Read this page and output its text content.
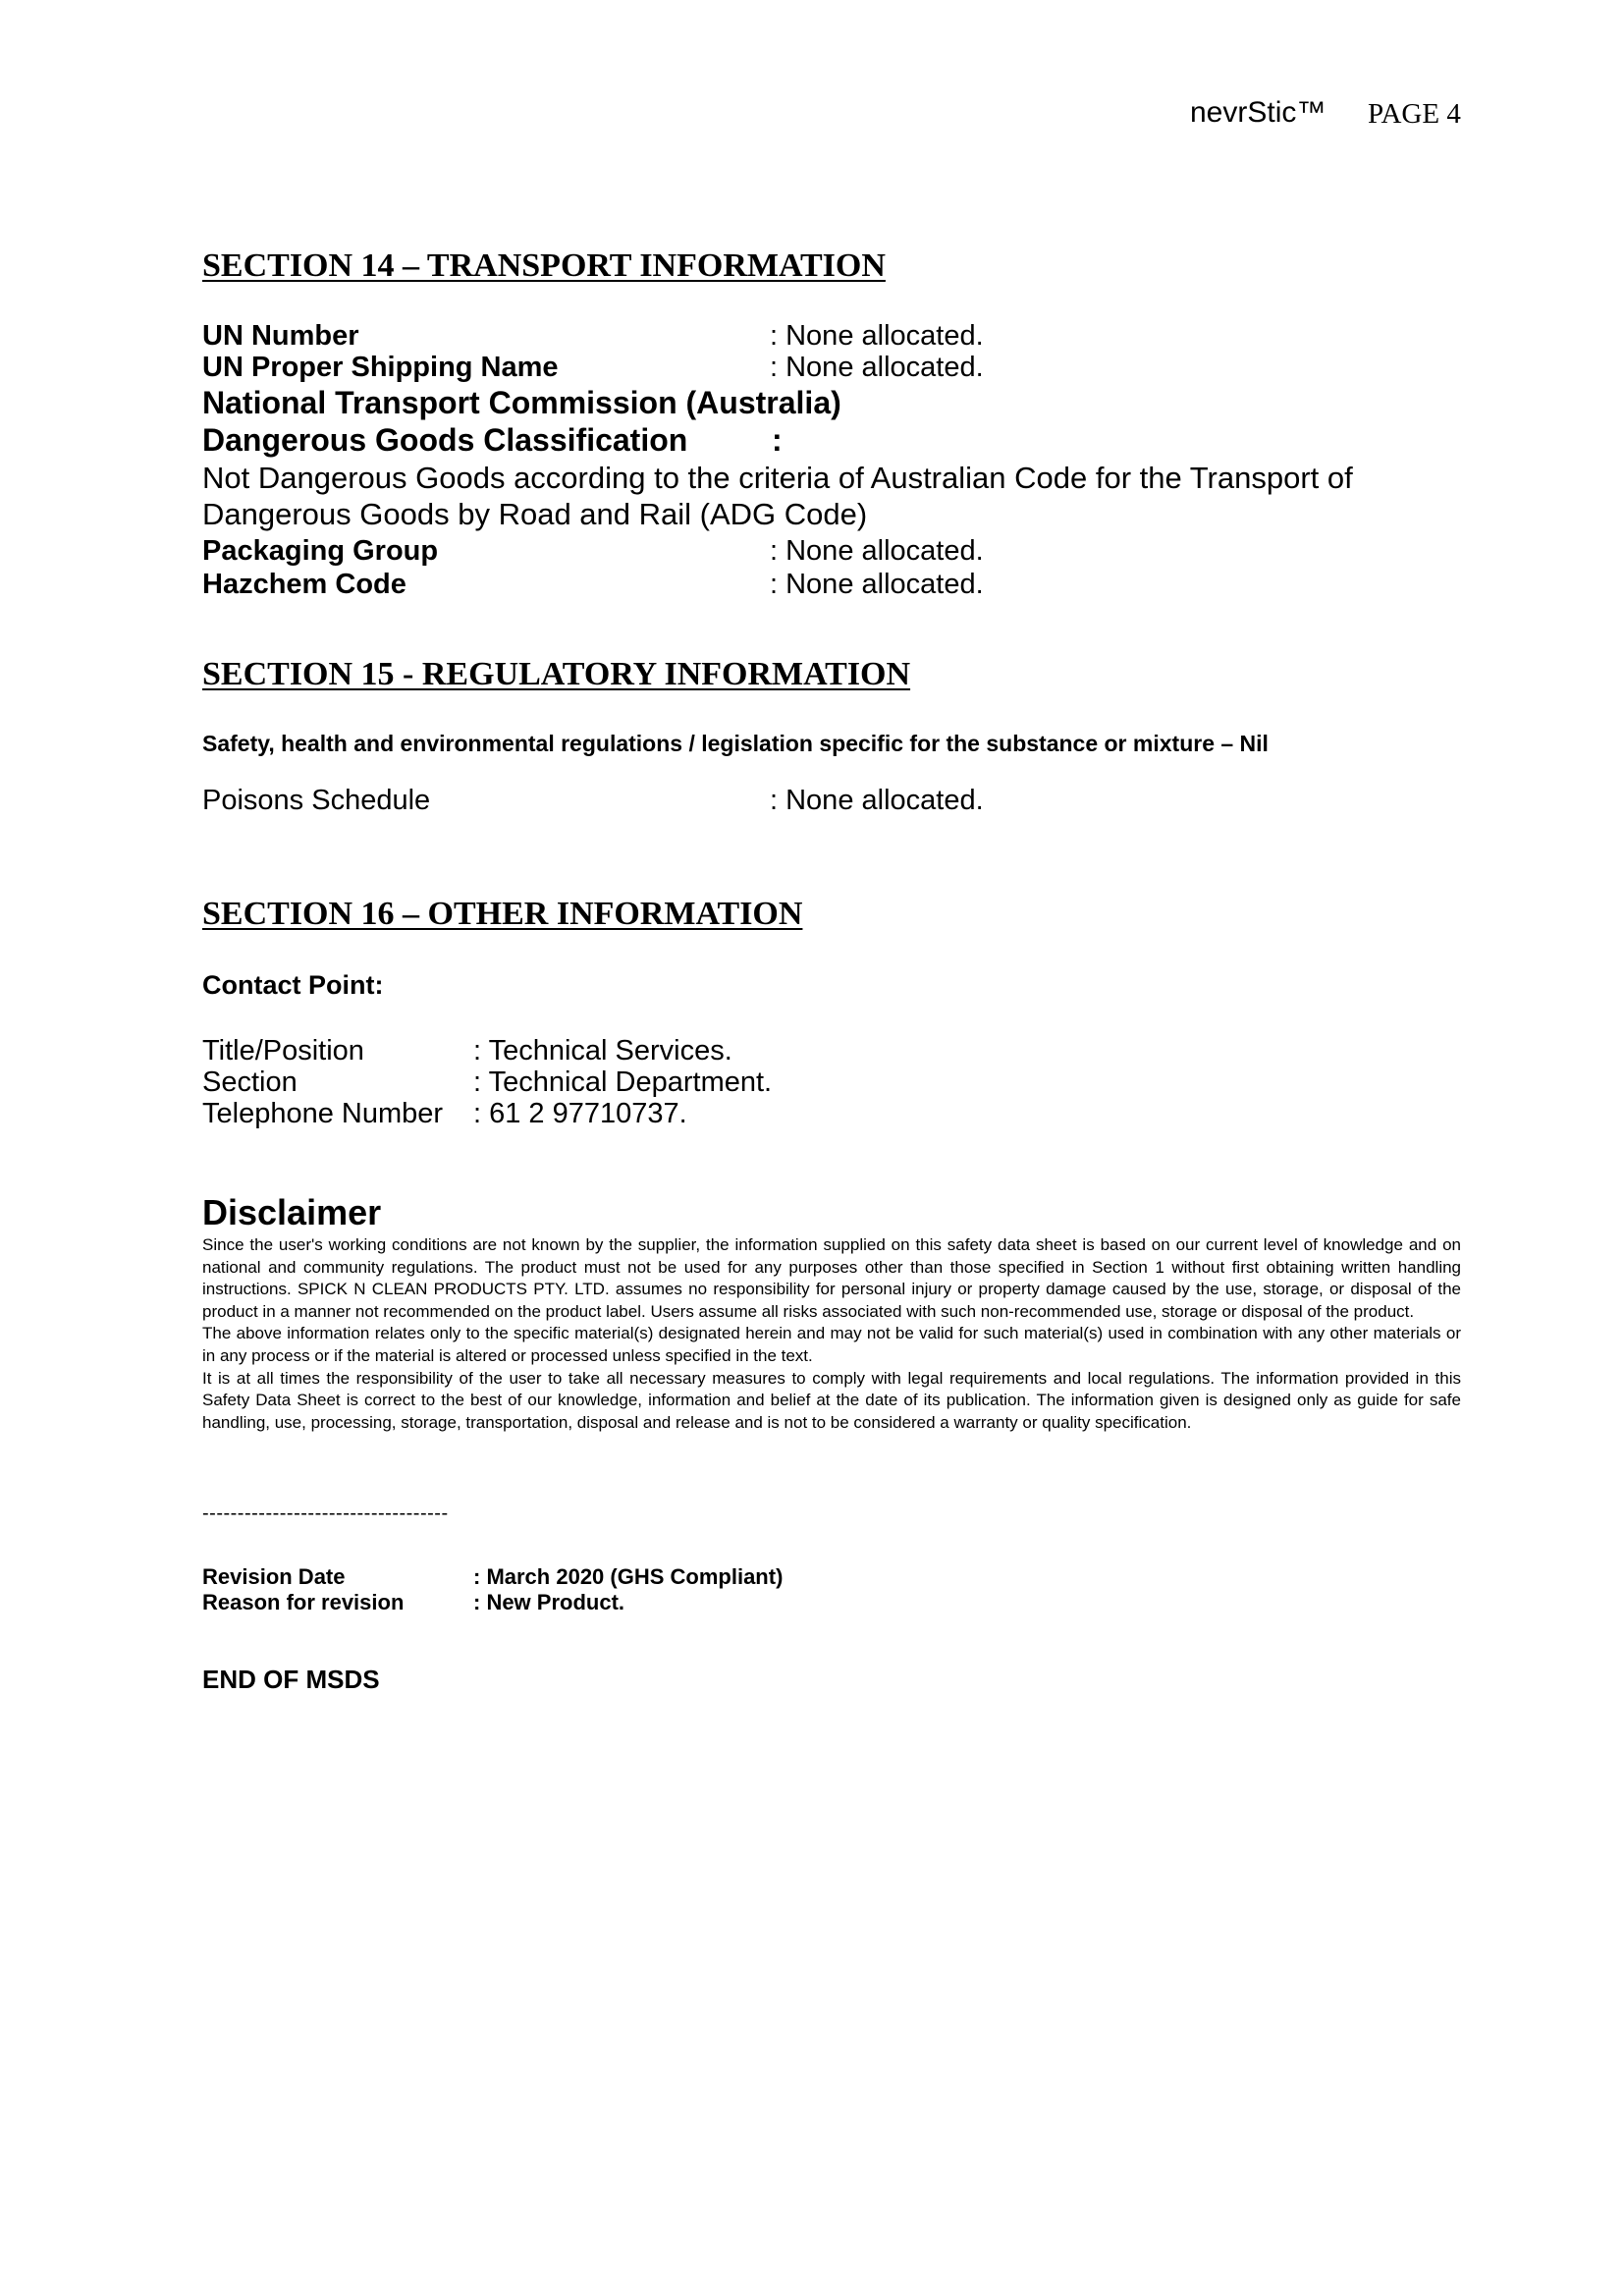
nevrStic™ PAGE 4
SECTION 14 – TRANSPORT INFORMATION
UN Number	: None allocated.
UN Proper Shipping Name	: None allocated.
National Transport Commission (Australia)
Dangerous Goods Classification	:
Not Dangerous Goods according to the criteria of Australian Code for the Transport of
Dangerous Goods by Road and Rail (ADG Code)
Packaging Group	: None allocated.
Hazchem Code	: None allocated.
SECTION 15 - REGULATORY INFORMATION
Safety, health and environmental regulations / legislation specific for the substance or mixture – Nil
Poisons Schedule	: None allocated.
SECTION 16 – OTHER INFORMATION
Contact Point:
Title/Position	: Technical Services.
Section	: Technical Department.
Telephone Number : 61 2 97710737.
Disclaimer

Since the user's working conditions are not known by the supplier, the information supplied on this safety data sheet is based on our current level of knowledge and on national and community regulations. The product must not be used for any purposes other than those specified in Section 1 without first obtaining written handling instructions. SPICK N CLEAN PRODUCTS PTY. LTD. assumes no responsibility for personal injury or property damage caused by the use, storage, or disposal of the product in a manner not recommended on the product label. Users assume all risks associated with such non-recommended use, storage or disposal of the product.

The above information relates only to the specific material(s) designated herein and may not be valid for such material(s) used in combination with any other materials or in any process or if the material is altered or processed unless specified in the text.

It is at all times the responsibility of the user to take all necessary measures to comply with legal requirements and local regulations. The information provided in this Safety Data Sheet is correct to the best of our knowledge, information and belief at the date of its publication. The information given is designed only as guide for safe handling, use, processing, storage, transportation, disposal and release and is not to be considered a warranty or quality specification.

-----------------------------------
Revision Date	: March 2020 (GHS Compliant)
Reason for revision	: New Product.
END OF MSDS
